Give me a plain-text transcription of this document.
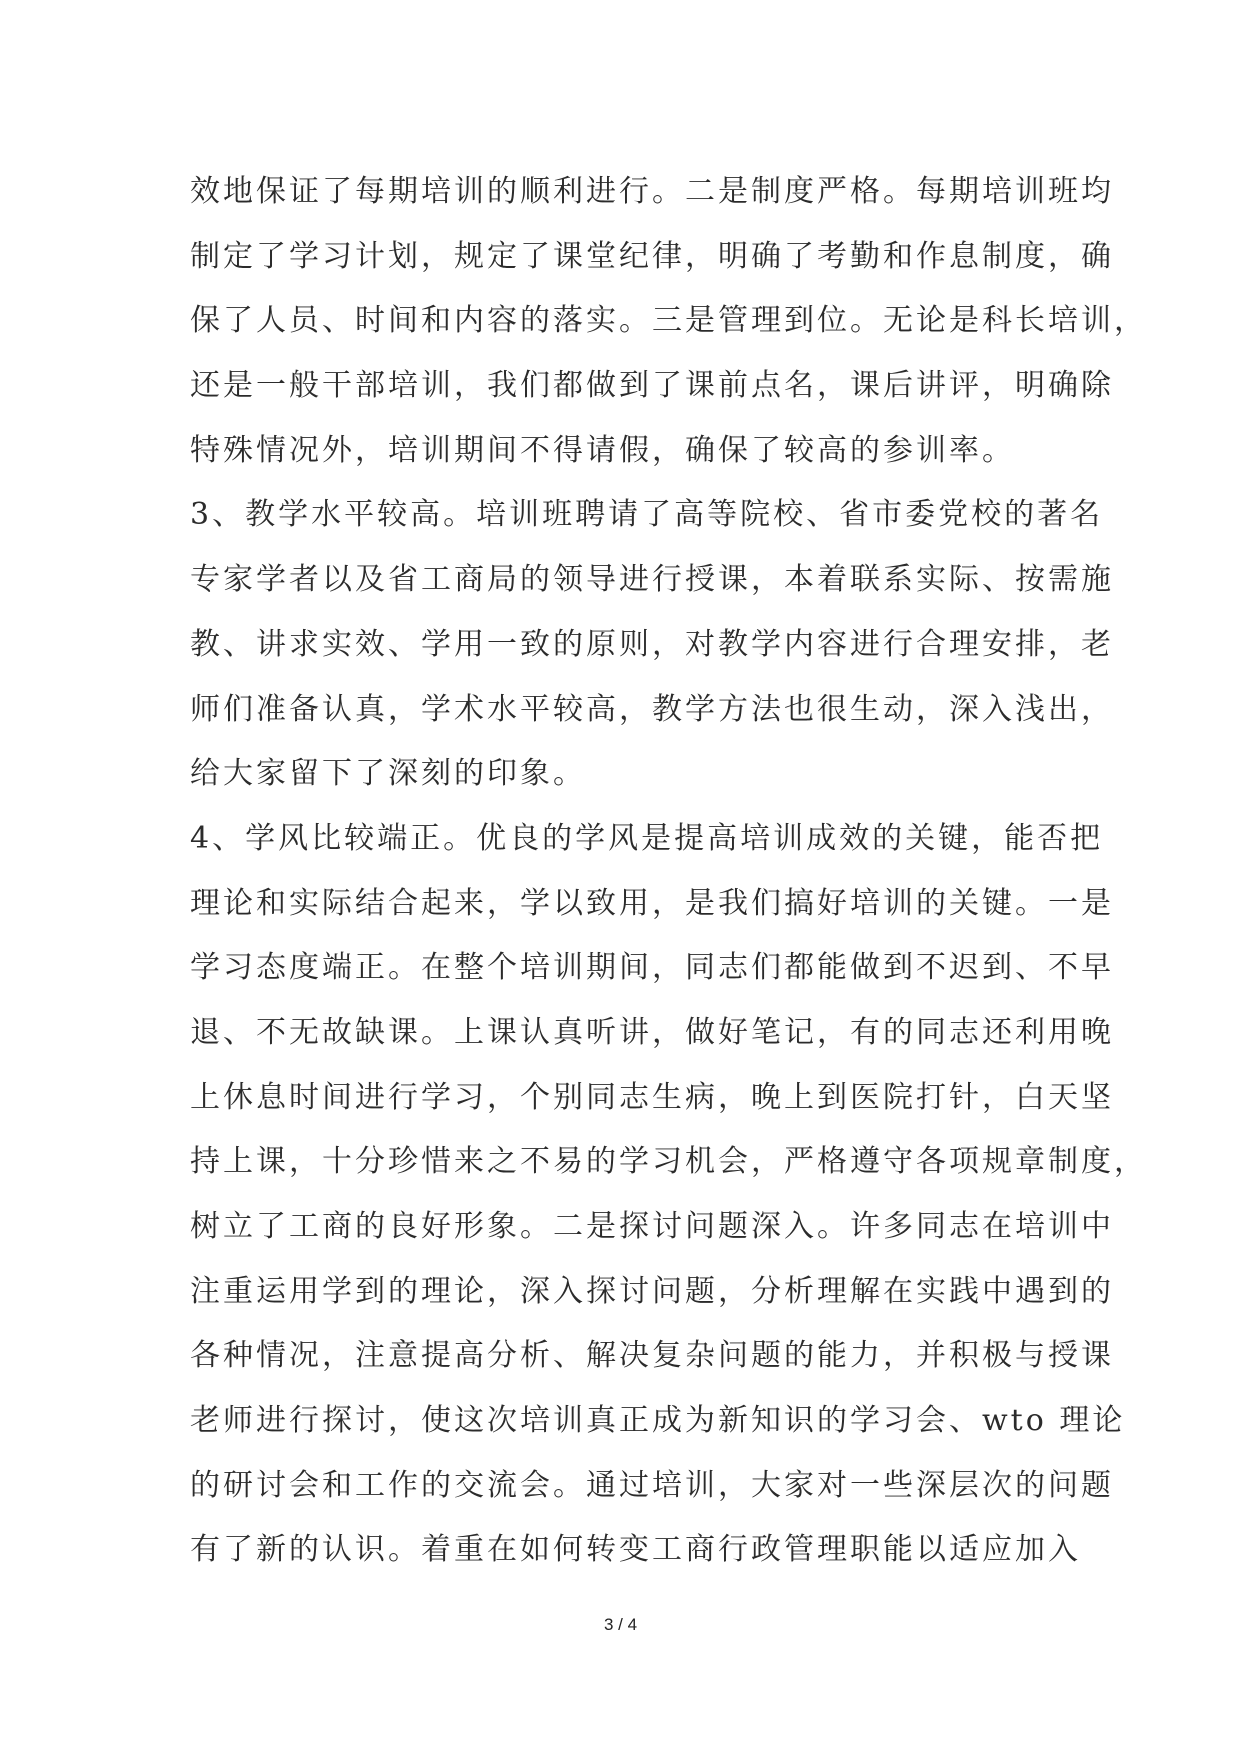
效地保证了每期培训的顺利进行。二是制度严格。每期培训班均
制定了学习计划，规定了课堂纪律，明确了考勤和作息制度，确
保了人员、时间和内容的落实。三是管理到位。无论是科长培训，
还是一般干部培训，我们都做到了课前点名，课后讲评，明确除
特殊情况外，培训期间不得请假，确保了较高的参训率。
3、教学水平较高。培训班聘请了高等院校、省市委党校的著名
专家学者以及省工商局的领导进行授课，本着联系实际、按需施
教、讲求实效、学用一致的原则，对教学内容进行合理安排，老
师们准备认真，学术水平较高，教学方法也很生动，深入浅出，
给大家留下了深刻的印象。
4、学风比较端正。优良的学风是提高培训成效的关键，能否把
理论和实际结合起来，学以致用，是我们搞好培训的关键。一是
学习态度端正。在整个培训期间，同志们都能做到不迟到、不早
退、不无故缺课。上课认真听讲，做好笔记，有的同志还利用晚
上休息时间进行学习，个别同志生病，晚上到医院打针，白天坚
持上课，十分珍惜来之不易的学习机会，严格遵守各项规章制度，
树立了工商的良好形象。二是探讨问题深入。许多同志在培训中
注重运用学到的理论，深入探讨问题，分析理解在实践中遇到的
各种情况，注意提高分析、解决复杂问题的能力，并积极与授课
老师进行探讨，使这次培训真正成为新知识的学习会、wto 理论
的研讨会和工作的交流会。通过培训，大家对一些深层次的问题
有了新的认识。着重在如何转变工商行政管理职能以适应加入
3 / 4
